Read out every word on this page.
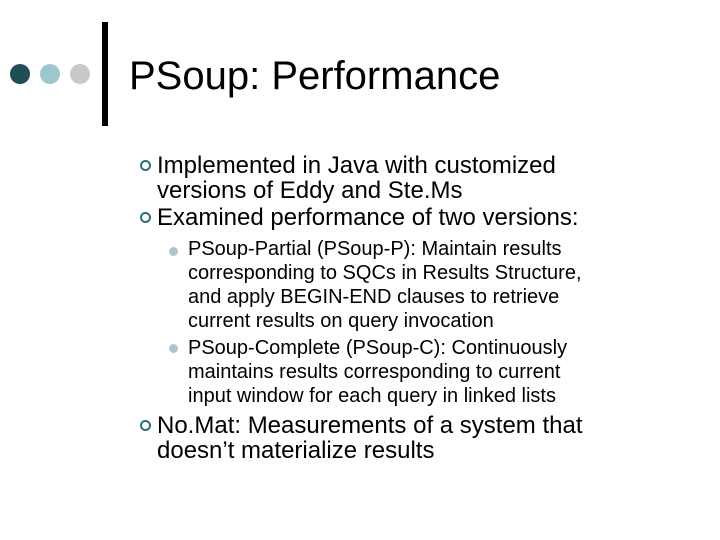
PSoup: Performance
Implemented in Java with customized
versions of Eddy and Ste.Ms
Examined performance of two versions:
PSoup-Partial (PSoup-P): Maintain results
corresponding to SQCs in Results Structure,
and apply BEGIN-END clauses to retrieve
current results on query invocation
PSoup-Complete (PSoup-C): Continuously
maintains results corresponding to current
input window for each query in linked lists
No.Mat: Measurements of a system that
doesn’t materialize results
